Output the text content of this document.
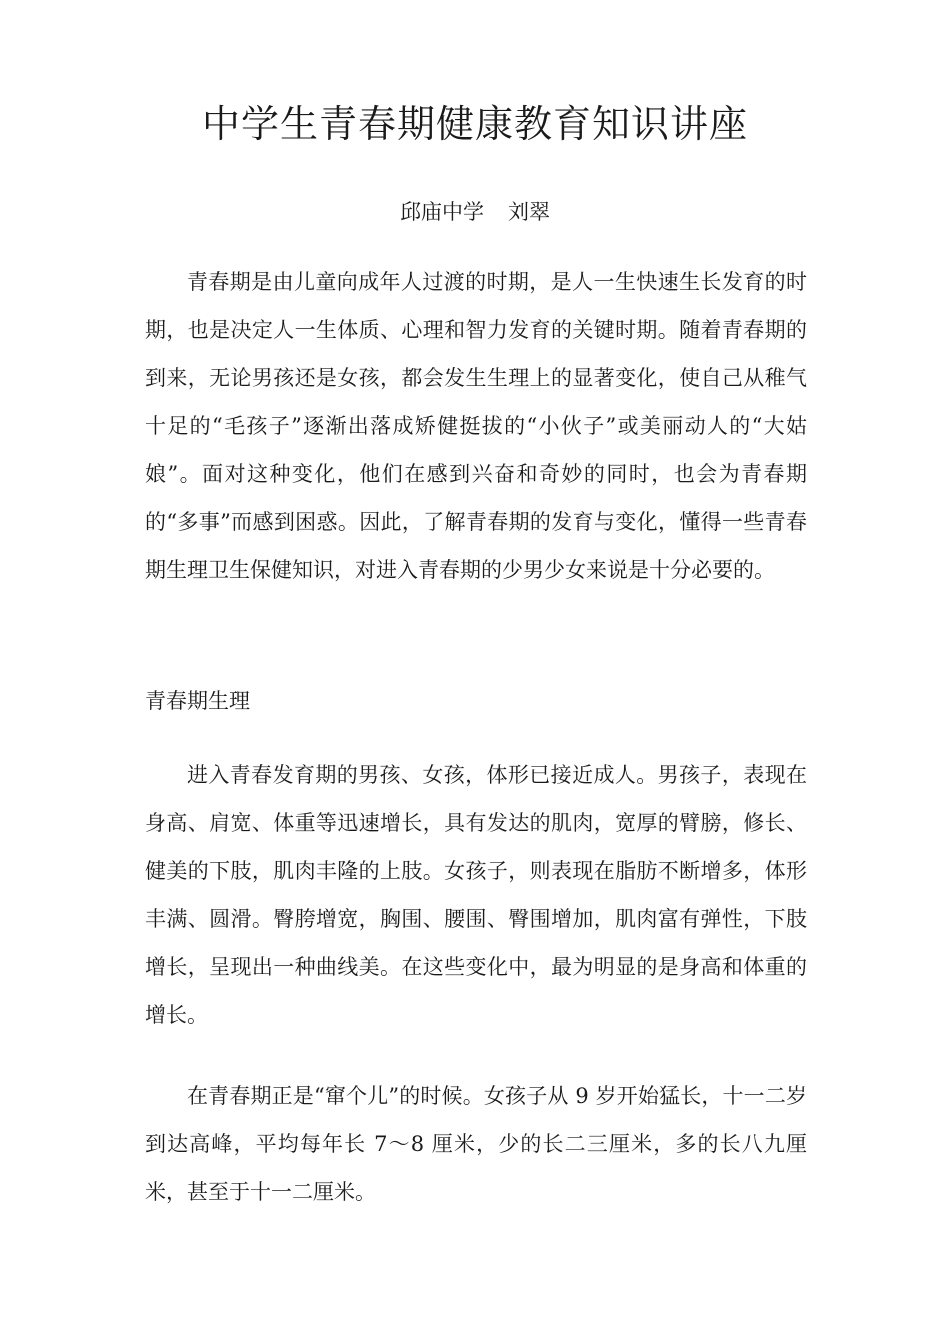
中学生青春期健康教育知识讲座

邱庙中学 刘翠

青春期是由儿童向成年人过渡的时期，是人一生快速生长发育的时期，也是决定人一生体质、心理和智力发育的关键时期。随着青春期的到来，无论男孩还是女孩，都会发生生理上的显著变化，使自己从稚气十足的“毛孩子”逐渐出落成矫健挺拔的“小伙子”或美丽动人的“大姑娘”。面对这种变化，他们在感到兴奋和奇妙的同时，也会为青春期的“多事”而感到困惑。因此，了解青春期的发育与变化，懂得一些青春期生理卫生保健知识，对进入青春期的少男少女来说是十分必要的。

青春期生理

进入青春发育期的男孩、女孩，体形已接近成人。男孩子，表现在身高、肩宽、体重等迅速增长，具有发达的肌肉，宽厚的臂膀，修长、健美的下肢，肌肉丰隆的上肢。女孩子，则表现在脂肪不断增多，体形丰满、圆滑。臀胯增宽，胸围、腰围、臀围增加，肌肉富有弹性，下肢增长，呈现出一种曲线美。在这些变化中，最为明显的是身高和体重的增长。

在青春期正是“窜个儿”的时候。女孩子从 9 岁开始猛长，十一二岁到达高峰，平均每年长 7～8 厘米，少的长二三厘米，多的长八九厘米，甚至于十一二厘米。
